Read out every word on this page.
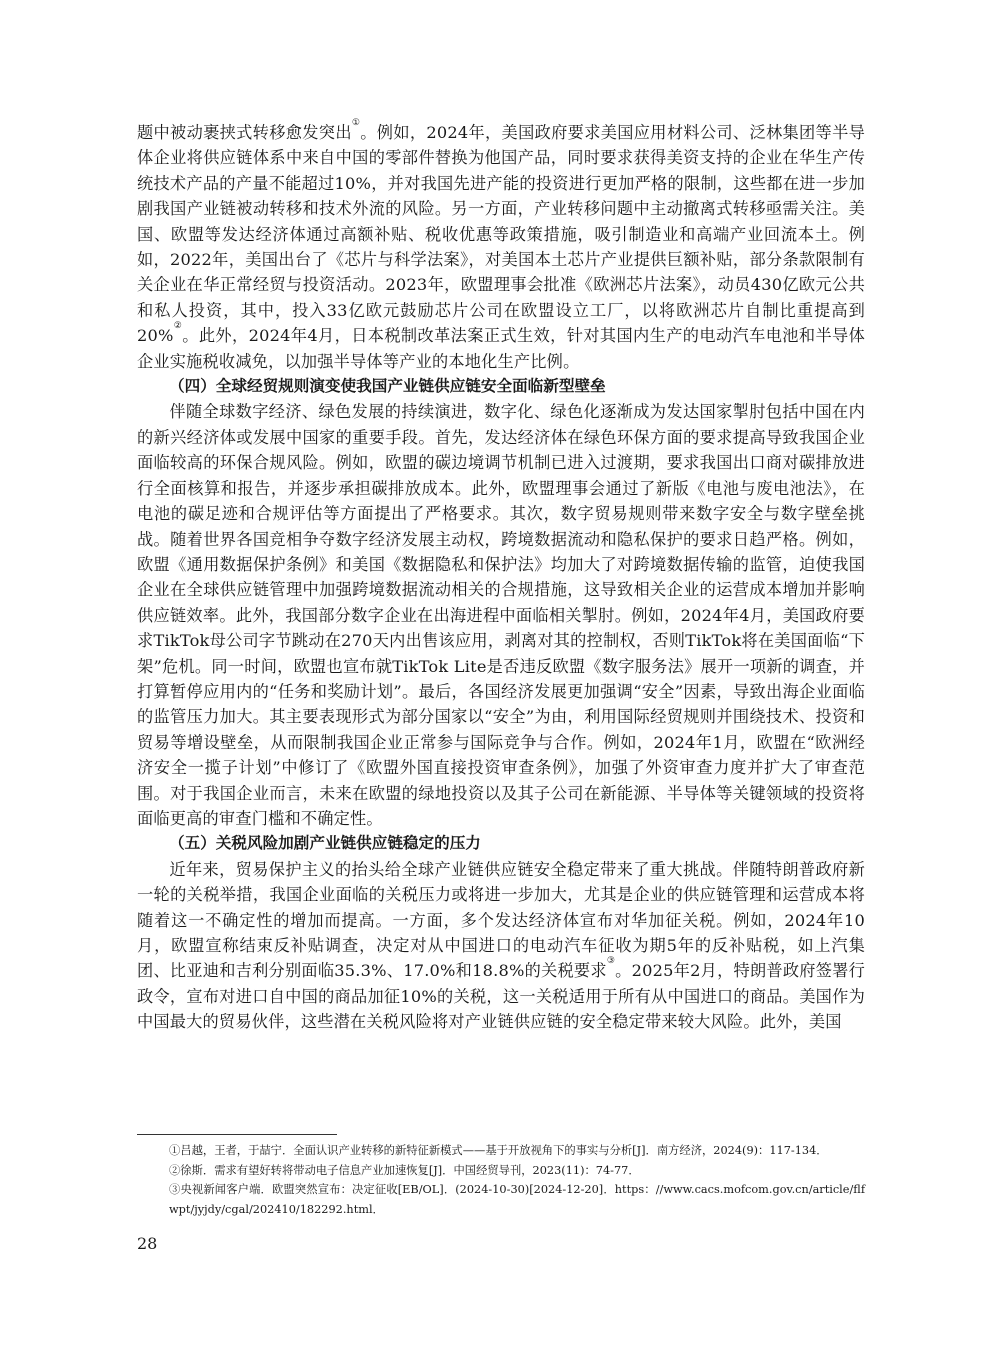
题中被动裹挟式转移愈发突出①。例如，2024年，美国政府要求美国应用材料公司、泛林集团等半导体企业将供应链体系中来自中国的零部件替换为他国产品，同时要求获得美资支持的企业在华生产传统技术产品的产量不能超过10%，并对我国先进产能的投资进行更加严格的限制，这些都在进一步加剧我国产业链被动转移和技术外流的风险。另一方面，产业转移问题中主动撤离式转移亟需关注。美国、欧盟等发达经济体通过高额补贴、税收优惠等政策措施，吸引制造业和高端产业回流本土。例如，2022年，美国出台了《芯片与科学法案》，对美国本土芯片产业提供巨额补贴，部分条款限制有关企业在华正常经贸与投资活动。2023年，欧盟理事会批准《欧洲芯片法案》，动员430亿欧元公共和私人投资，其中，投入33亿欧元鼓励芯片公司在欧盟设立工厂，以将欧洲芯片自制比重提高到20%②。此外，2024年4月，日本税制改革法案正式生效，针对其国内生产的电动汽车电池和半导体企业实施税收减免，以加强半导体等产业的本地化生产比例。

（四）全球经贸规则演变使我国产业链供应链安全面临新型壁垒

伴随全球数字经济、绿色发展的持续演进，数字化、绿色化逐渐成为发达国家掣肘包括中国在内的新兴经济体或发展中国家的重要手段。首先，发达经济体在绿色环保方面的要求提高导致我国企业面临较高的环保合规风险。例如，欧盟的碳边境调节机制已进入过渡期，要求我国出口商对碳排放进行全面核算和报告，并逐步承担碳排放成本。此外，欧盟理事会通过了新版《电池与废电池法》，在电池的碳足迹和合规评估等方面提出了严格要求。其次，数字贸易规则带来数字安全与数字壁垒挑战。随着世界各国竞相争夺数字经济发展主动权，跨境数据流动和隐私保护的要求日趋严格。例如，欧盟《通用数据保护条例》和美国《数据隐私和保护法》均加大了对跨境数据传输的监管，迫使我国企业在全球供应链管理中加强跨境数据流动相关的合规措施，这导致相关企业的运营成本增加并影响供应链效率。此外，我国部分数字企业在出海进程中面临相关掣肘。例如，2024年4月，美国政府要求TikTok母公司字节跳动在270天内出售该应用，剥离对其的控制权，否则TikTok将在美国面临“下架”危机。同一时间，欧盟也宣布就TikTok Lite是否违反欧盟《数字服务法》展开一项新的调查，并打算暂停应用内的“任务和奖励计划”。最后，各国经济发展更加强调“安全”因素，导致出海企业面临的监管压力加大。其主要表现形式为部分国家以“安全”为由，利用国际经贸规则并围绕技术、投资和贸易等增设壁垒，从而限制我国企业正常参与国际竞争与合作。例如，2024年1月，欧盟在“欧洲经济安全一揽子计划”中修订了《欧盟外国直接投资审查条例》，加强了外资审查力度并扩大了审查范围。对于我国企业而言，未来在欧盟的绿地投资以及其子公司在新能源、半导体等关键领域的投资将面临更高的审查门槛和不确定性。

（五）关税风险加剧产业链供应链稳定的压力

近年来，贸易保护主义的抬头给全球产业链供应链安全稳定带来了重大挑战。伴随特朗普政府新一轮的关税举措，我国企业面临的关税压力或将进一步加大，尤其是企业的供应链管理和运营成本将随着这一不确定性的增加而提高。一方面，多个发达经济体宣布对华加征关税。例如，2024年10月，欧盟宣称结束反补贴调查，决定对从中国进口的电动汽车征收为期5年的反补贴税，如上汽集团、比亚迪和吉利分别面临35.3%、17.0%和18.8%的关税要求③。2025年2月，特朗普政府签署行政令，宣布对进口自中国的商品加征10%的关税，这一关税适用于所有从中国进口的商品。美国作为中国最大的贸易伙伴，这些潜在关税风险将对产业链供应链的安全稳定带来较大风险。此外，美国

①吕越，王者，于喆宁．全面认识产业转移的新特征新模式——基于开放视角下的事实与分析[J]．南方经济，2024(9)：117-134．

②徐斯．需求有望好转将带动电子信息产业加速恢复[J]．中国经贸导刊，2023(11)：74-77．

③央视新闻客户端．欧盟突然宣布：决定征收[EB/OL]．(2024-10-30)[2024-12-20]．https：//www.cacs.mofcom.gov.cn/article/flfwpt/jyjdy/cgal/202410/182292.html．

28
